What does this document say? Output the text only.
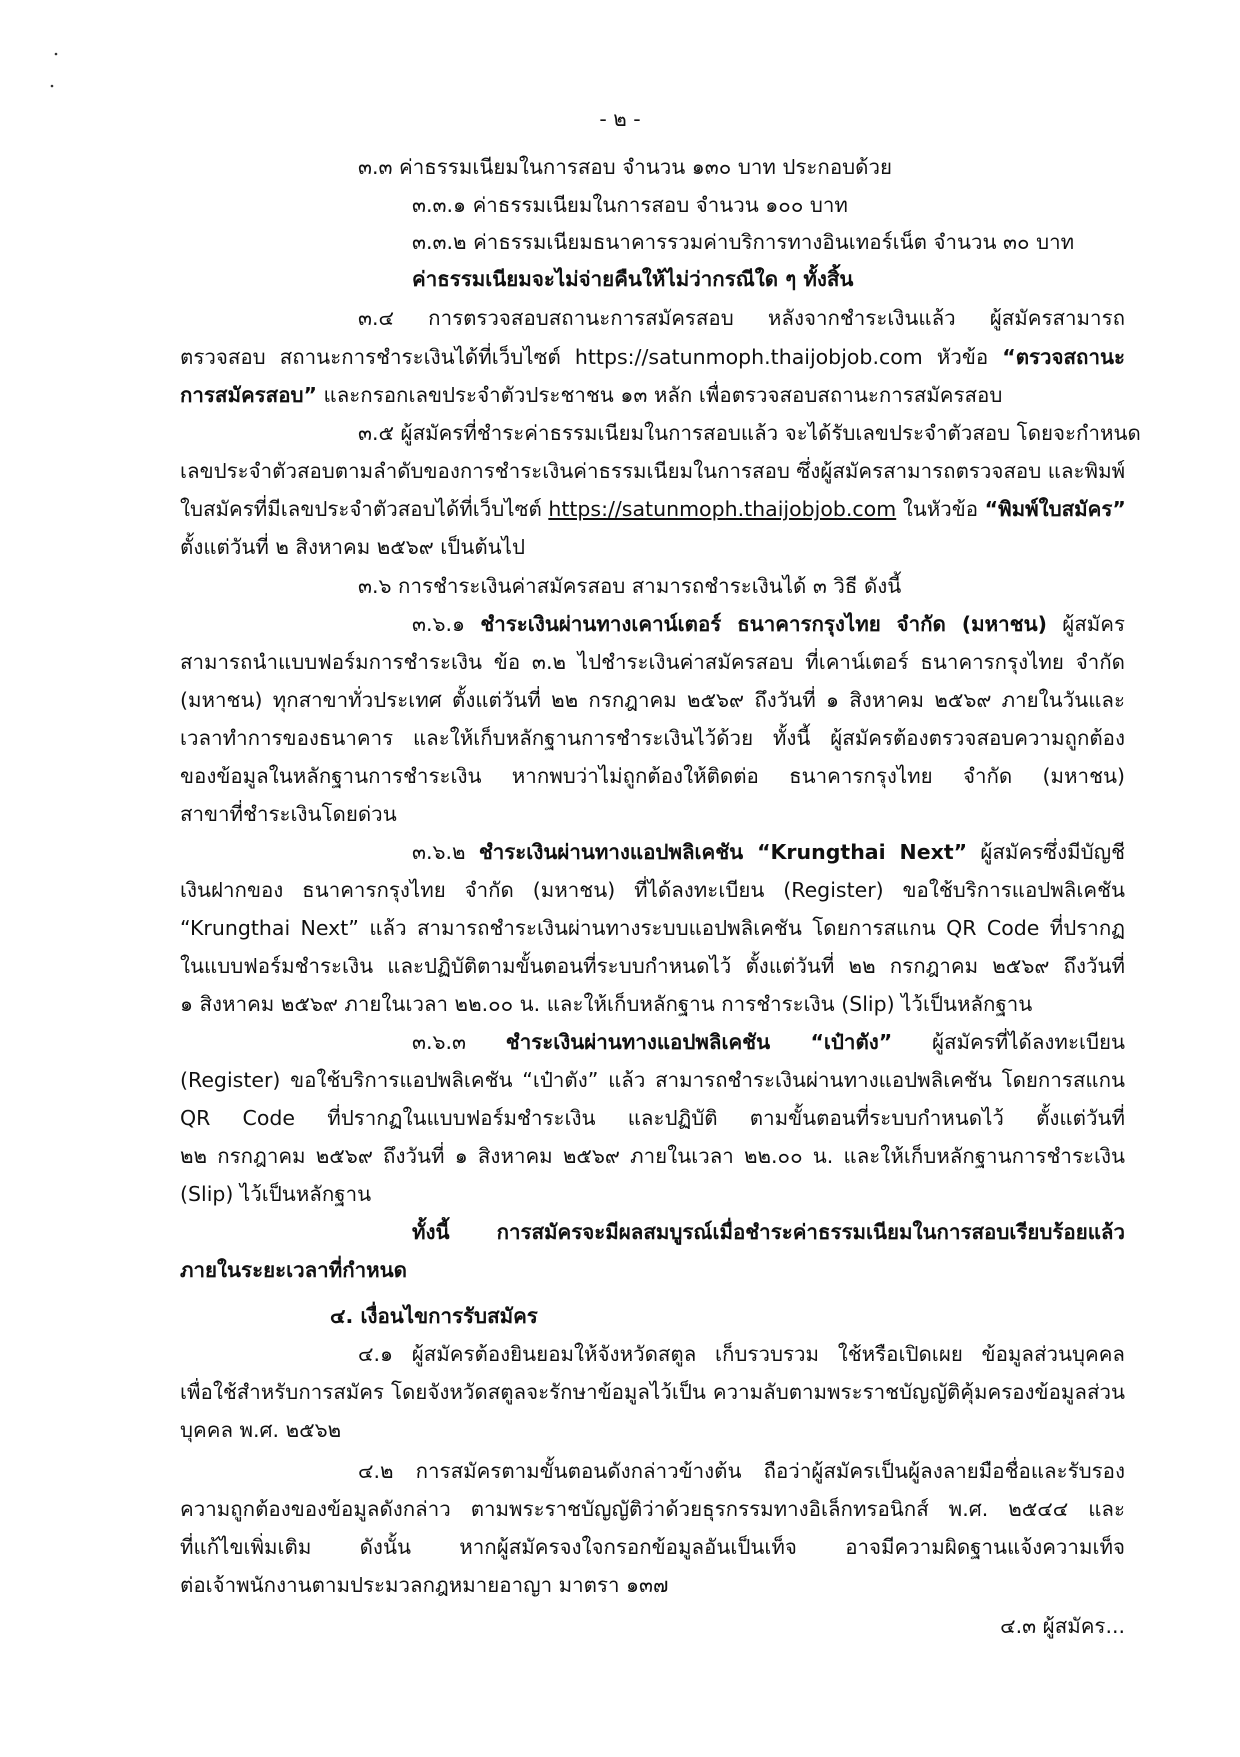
- ๒ -
๓.๓ ค่าธรรมเนียมในการสอบ จำนวน ๑๓๐ บาท ประกอบด้วย
๓.๓.๑ ค่าธรรมเนียมในการสอบ จำนวน ๑๐๐ บาท
๓.๓.๒ ค่าธรรมเนียมธนาคารรวมค่าบริการทางอินเทอร์เน็ต จำนวน ๓๐ บาท
ค่าธรรมเนียมจะไม่จ่ายคืนให้ไม่ว่ากรณีใด ๆ ทั้งสิ้น
๓.๔ การตรวจสอบสถานะการสมัครสอบ หลังจากชำระเงินแล้ว ผู้สมัครสามารถ
ตรวจสอบ สถานะการชำระเงินได้ที่เว็บไซต์ https://satunmoph.thaijobjob.com หัวข้อ “ตรวจสถานะ
การสมัครสอบ” และกรอกเลขประจำตัวประชาชน ๑๓ หลัก เพื่อตรวจสอบสถานะการสมัครสอบ
๓.๕ ผู้สมัครที่ชำระค่าธรรมเนียมในการสอบแล้ว จะได้รับเลขประจำตัวสอบ โดยจะกำหนด
เลขประจำตัวสอบตามลำดับของการชำระเงินค่าธรรมเนียมในการสอบ ซึ่งผู้สมัครสามารถตรวจสอบ และพิมพ์
ใบสมัครที่มีเลขประจำตัวสอบได้ที่เว็บไซต์ https://satunmoph.thaijobjob.com ในหัวข้อ “พิมพ์ใบสมัคร”
ตั้งแต่วันที่ ๒ สิงหาคม ๒๕๖๙ เป็นต้นไป
๓.๖ การชำระเงินค่าสมัครสอบ สามารถชำระเงินได้ ๓ วิธี ดังนี้
๓.๖.๑ ชำระเงินผ่านทางเคาน์เตอร์ ธนาคารกรุงไทย จำกัด (มหาชน) ผู้สมัคร
สามารถนำแบบฟอร์มการชำระเงิน ข้อ ๓.๒ ไปชำระเงินค่าสมัครสอบ ที่เคาน์เตอร์ ธนาคารกรุงไทย จำกัด
(มหาชน) ทุกสาขาทั่วประเทศ ตั้งแต่วันที่ ๒๒ กรกฎาคม ๒๕๖๙ ถึงวันที่ ๑ สิงหาคม ๒๕๖๙ ภายในวันและ
เวลาทำการของธนาคาร และให้เก็บหลักฐานการชำระเงินไว้ด้วย ทั้งนี้ ผู้สมัครต้องตรวจสอบความถูกต้อง
ของข้อมูลในหลักฐานการชำระเงิน หากพบว่าไม่ถูกต้องให้ติดต่อ ธนาคารกรุงไทย จำกัด (มหาชน)
สาขาที่ชำระเงินโดยด่วน
๓.๖.๒ ชำระเงินผ่านทางแอปพลิเคชัน “Krungthai Next” ผู้สมัครซึ่งมีบัญชี
เงินฝากของ ธนาคารกรุงไทย จำกัด (มหาชน) ที่ได้ลงทะเบียน (Register) ขอใช้บริการแอปพลิเคชัน
“Krungthai Next” แล้ว สามารถชำระเงินผ่านทางระบบแอปพลิเคชัน โดยการสแกน QR Code ที่ปรากฏ
ในแบบฟอร์มชำระเงิน และปฏิบัติตามขั้นตอนที่ระบบกำหนดไว้ ตั้งแต่วันที่ ๒๒ กรกฎาคม ๒๕๖๙ ถึงวันที่
๑ สิงหาคม ๒๕๖๙ ภายในเวลา ๒๒.๐๐ น. และให้เก็บหลักฐาน การชำระเงิน (Slip) ไว้เป็นหลักฐาน
๓.๖.๓ ชำระเงินผ่านทางแอปพลิเคชัน “เป๋าตัง” ผู้สมัครที่ได้ลงทะเบียน
(Register) ขอใช้บริการแอปพลิเคชัน “เป๋าตัง” แล้ว สามารถชำระเงินผ่านทางแอปพลิเคชัน โดยการสแกน
QR Code ที่ปรากฏในแบบฟอร์มชำระเงิน และปฏิบัติ ตามขั้นตอนที่ระบบกำหนดไว้ ตั้งแต่วันที่
๒๒ กรกฎาคม ๒๕๖๙ ถึงวันที่ ๑ สิงหาคม ๒๕๖๙ ภายในเวลา ๒๒.๐๐ น. และให้เก็บหลักฐานการชำระเงิน
(Slip) ไว้เป็นหลักฐาน
ทั้งนี้ การสมัครจะมีผลสมบูรณ์เมื่อชำระค่าธรรมเนียมในการสอบเรียบร้อยแล้ว
ภายในระยะเวลาที่กำหนด
๔. เงื่อนไขการรับสมัคร
๔.๑ ผู้สมัครต้องยินยอมให้จังหวัดสตูล เก็บรวบรวม ใช้หรือเปิดเผย ข้อมูลส่วนบุคคล
เพื่อใช้สำหรับการสมัคร โดยจังหวัดสตูลจะรักษาข้อมูลไว้เป็น ความลับตามพระราชบัญญัติคุ้มครองข้อมูลส่วน
บุคคล พ.ศ. ๒๕๖๒
๔.๒ การสมัครตามขั้นตอนดังกล่าวข้างต้น ถือว่าผู้สมัครเป็นผู้ลงลายมือชื่อและรับรอง
ความถูกต้องของข้อมูลดังกล่าว ตามพระราชบัญญัติว่าด้วยธุรกรรมทางอิเล็กทรอนิกส์ พ.ศ. ๒๕๔๔ และ
ที่แก้ไขเพิ่มเติม ดังนั้น หากผู้สมัครจงใจกรอกข้อมูลอันเป็นเท็จ อาจมีความผิดฐานแจ้งความเท็จ
ต่อเจ้าพนักงานตามประมวลกฎหมายอาญา มาตรา ๑๓๗
๔.๓ ผู้สมัคร...
